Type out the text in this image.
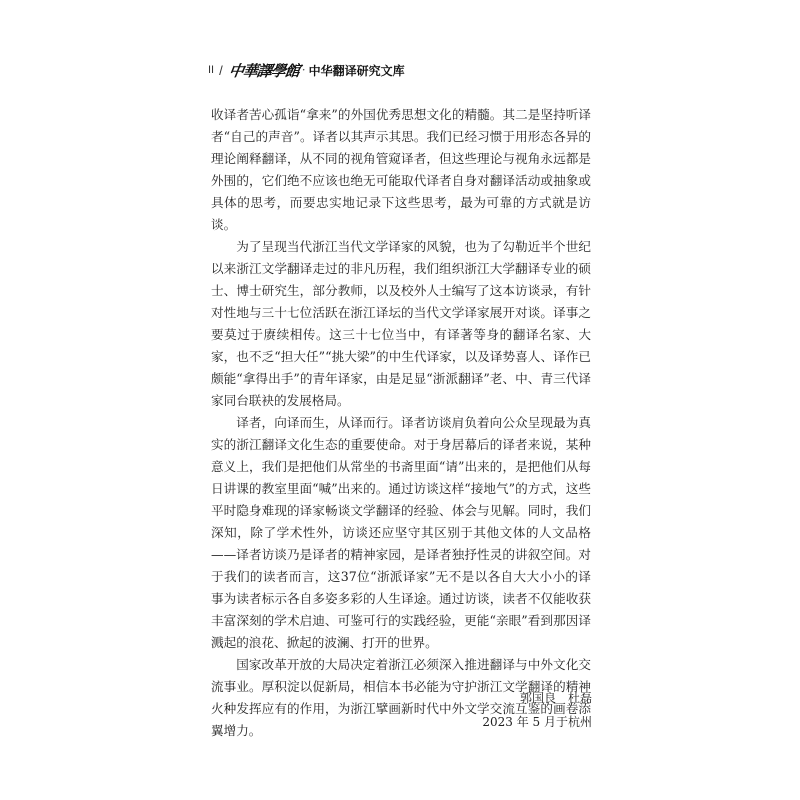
II / 中華譯學館 · 中华翻译研究文库

收译者苦心孤诣“拿来”的外国优秀思想文化的精髓。其二是坚持听译者“自己的声音”。译者以其声示其思。我们已经习惯于用形态各异的理论阐释翻译，从不同的视角管窥译者，但这些理论与视角永远都是外围的，它们绝不应该也绝无可能取代译者自身对翻译活动或抽象或具体的思考，而要忠实地记录下这些思考，最为可靠的方式就是访谈。

为了呈现当代浙江当代文学译家的风貌，也为了勾勒近半个世纪以来浙江文学翻译走过的非凡历程，我们组织浙江大学翻译专业的硕士、博士研究生，部分教师，以及校外人士编写了这本访谈录，有针对性地与三十七位活跃在浙江译坛的当代文学译家展开对谈。译事之要莫过于赓续相传。这三十七位当中，有译著等身的翻译名家、大家，也不乏“担大任”“挑大梁”的中生代译家，以及译势喜人、译作已颇能“拿得出手”的青年译家，由是足显“浙派翻译”老、中、青三代译家同台联袂的发展格局。

译者，向译而生，从译而行。译者访谈肩负着向公众呈现最为真实的浙江翻译文化生态的重要使命。对于身居幕后的译者来说，某种意义上，我们是把他们从常坐的书斋里面“请”出来的，是把他们从每日讲课的教室里面“喊”出来的。通过访谈这样“接地气”的方式，这些平时隐身难现的译家畅谈文学翻译的经验、体会与见解。同时，我们深知，除了学术性外，访谈还应坚守其区别于其他文体的人文品格——译者访谈乃是译者的精神家园，是译者独抒性灵的讲叙空间。对于我们的读者而言，这37位“浙派译家”无不是以各自大大小小的译事为读者标示各自多姿多彩的人生译途。通过访谈，读者不仅能收获丰富深刻的学术启迪、可鉴可行的实践经验，更能“亲眼”看到那因译溅起的浪花、掀起的波澜、打开的世界。

国家改革开放的大局决定着浙江必须深入推进翻译与中外文化交流事业。厚积淀以促新局，相信本书必能为守护浙江文学翻译的精神火种发挥应有的作用，为浙江擘画新时代中外文学交流互鉴的画卷添翼增力。

郭国良　杜磊
2023 年 5 月于杭州
